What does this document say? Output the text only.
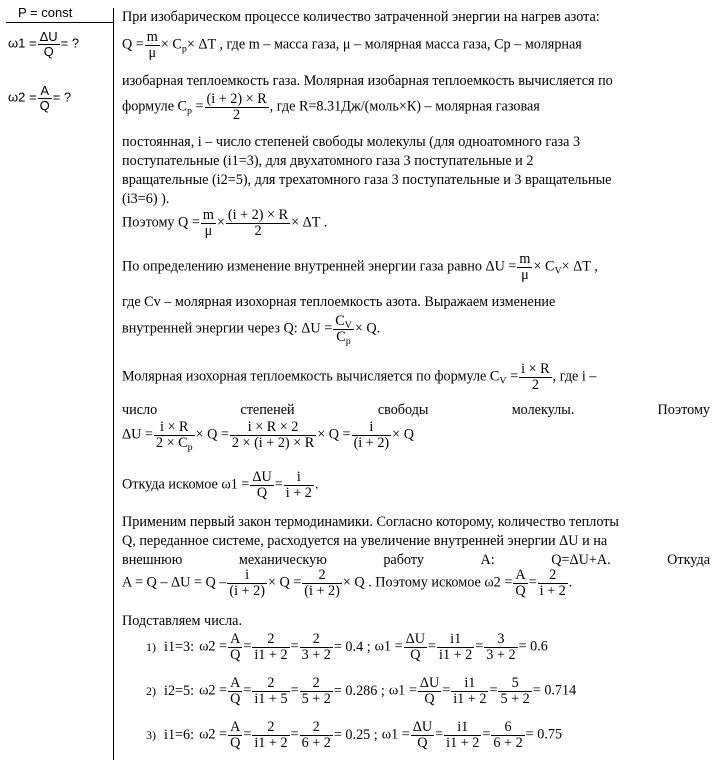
P = const
$\omega 1 = \frac{\Delta U}{Q}$ = ?
$\omega 2 = \frac{A}{Q}$ = ?
При изобарическом процессе количество затраченной энергии на нагрев азота:
$Q = \frac{m}{\mu} \times C_p\times \Delta T$ , где m – масса газа, μ – молярная масса газа, Cp – молярная
изобарная теплоемкость газа. Молярная изобарная теплоемкость вычисляется по
формуле $C_p = \frac{(i + 2) \times R}{2}$ , где R=8.31Дж/(моль×К) – молярная газовая
постоянная, i – число степеней свободы молекулы (для одноатомного газа 3
поступательные (i1=3), для двухатомного газа 3 поступательные и 2
вращательные (i2=5), для трехатомного газа 3 поступательные и 3 вращательные
(i3=6) ).
Поэтому $Q = \frac{m}{\mu} \times \frac{(i + 2) \times R}{2} \times \Delta T$ .
По определению изменение внутренней энергии газа равно $\Delta U = \frac{m}{\mu} \times C_V\times \Delta T$ ,
где Cv – молярная изохорная теплоемкость азота. Выражаем изменение
внутренней энергии через Q: $\Delta U = \frac{C_V}{C_p} \times Q$.
Молярная изохорная теплоемкость вычисляется по формуле $C_V = \frac{i \times R}{2}$ , где i –
число	степеней	свободы	молекулы.	Поэтому
$\Delta U = \frac{i \times R}{2 \times C_p} \times Q = \frac{i \times R \times 2}{2 \times (i + 2) \times R} \times Q = \frac{i}{(i + 2)} \times Q$
Откуда искомое $\omega 1 = \frac{\Delta U}{Q} = \frac{i}{i + 2}$ .
Применим первый закон термодинамики. Согласно которому, количество теплоты
Q, переданное системе, расходуется на увеличение внутренней энергии ΔU и на
внешнюю	механическую	работу	A:	Q=ΔU+A.	Откуда
$A = Q - \Delta U = Q - \frac{i}{(i + 2)} \times Q = \frac{2}{(i + 2)} \times Q$ . Поэтому искомое $\omega 2 = \frac{A}{Q} = \frac{2}{i + 2}$ .
Подставляем числа.
1) i1=3: $\omega 2 = \frac{A}{Q} = \frac{2}{i1 + 2} = \frac{2}{3 + 2} = 0.4$ ; $\omega 1 = \frac{\Delta U}{Q} = \frac{i1}{i1 + 2} = \frac{3}{3 + 2} = 0.6$
2) i2=5: $\omega 2 = \frac{A}{Q} = \frac{2}{i1 + 5} = \frac{2}{5 + 2} = 0.286$ ; $\omega 1 = \frac{\Delta U}{Q} = \frac{i1}{i1 + 2} = \frac{5}{5 + 2} = 0.714$
3) i1=6: $\omega 2 = \frac{A}{Q} = \frac{2}{i1 + 2} = \frac{2}{6 + 2} = 0.25$ ; $\omega 1 = \frac{\Delta U}{Q} = \frac{i1}{i1 + 2} = \frac{6}{6 + 2} = 0.75$
